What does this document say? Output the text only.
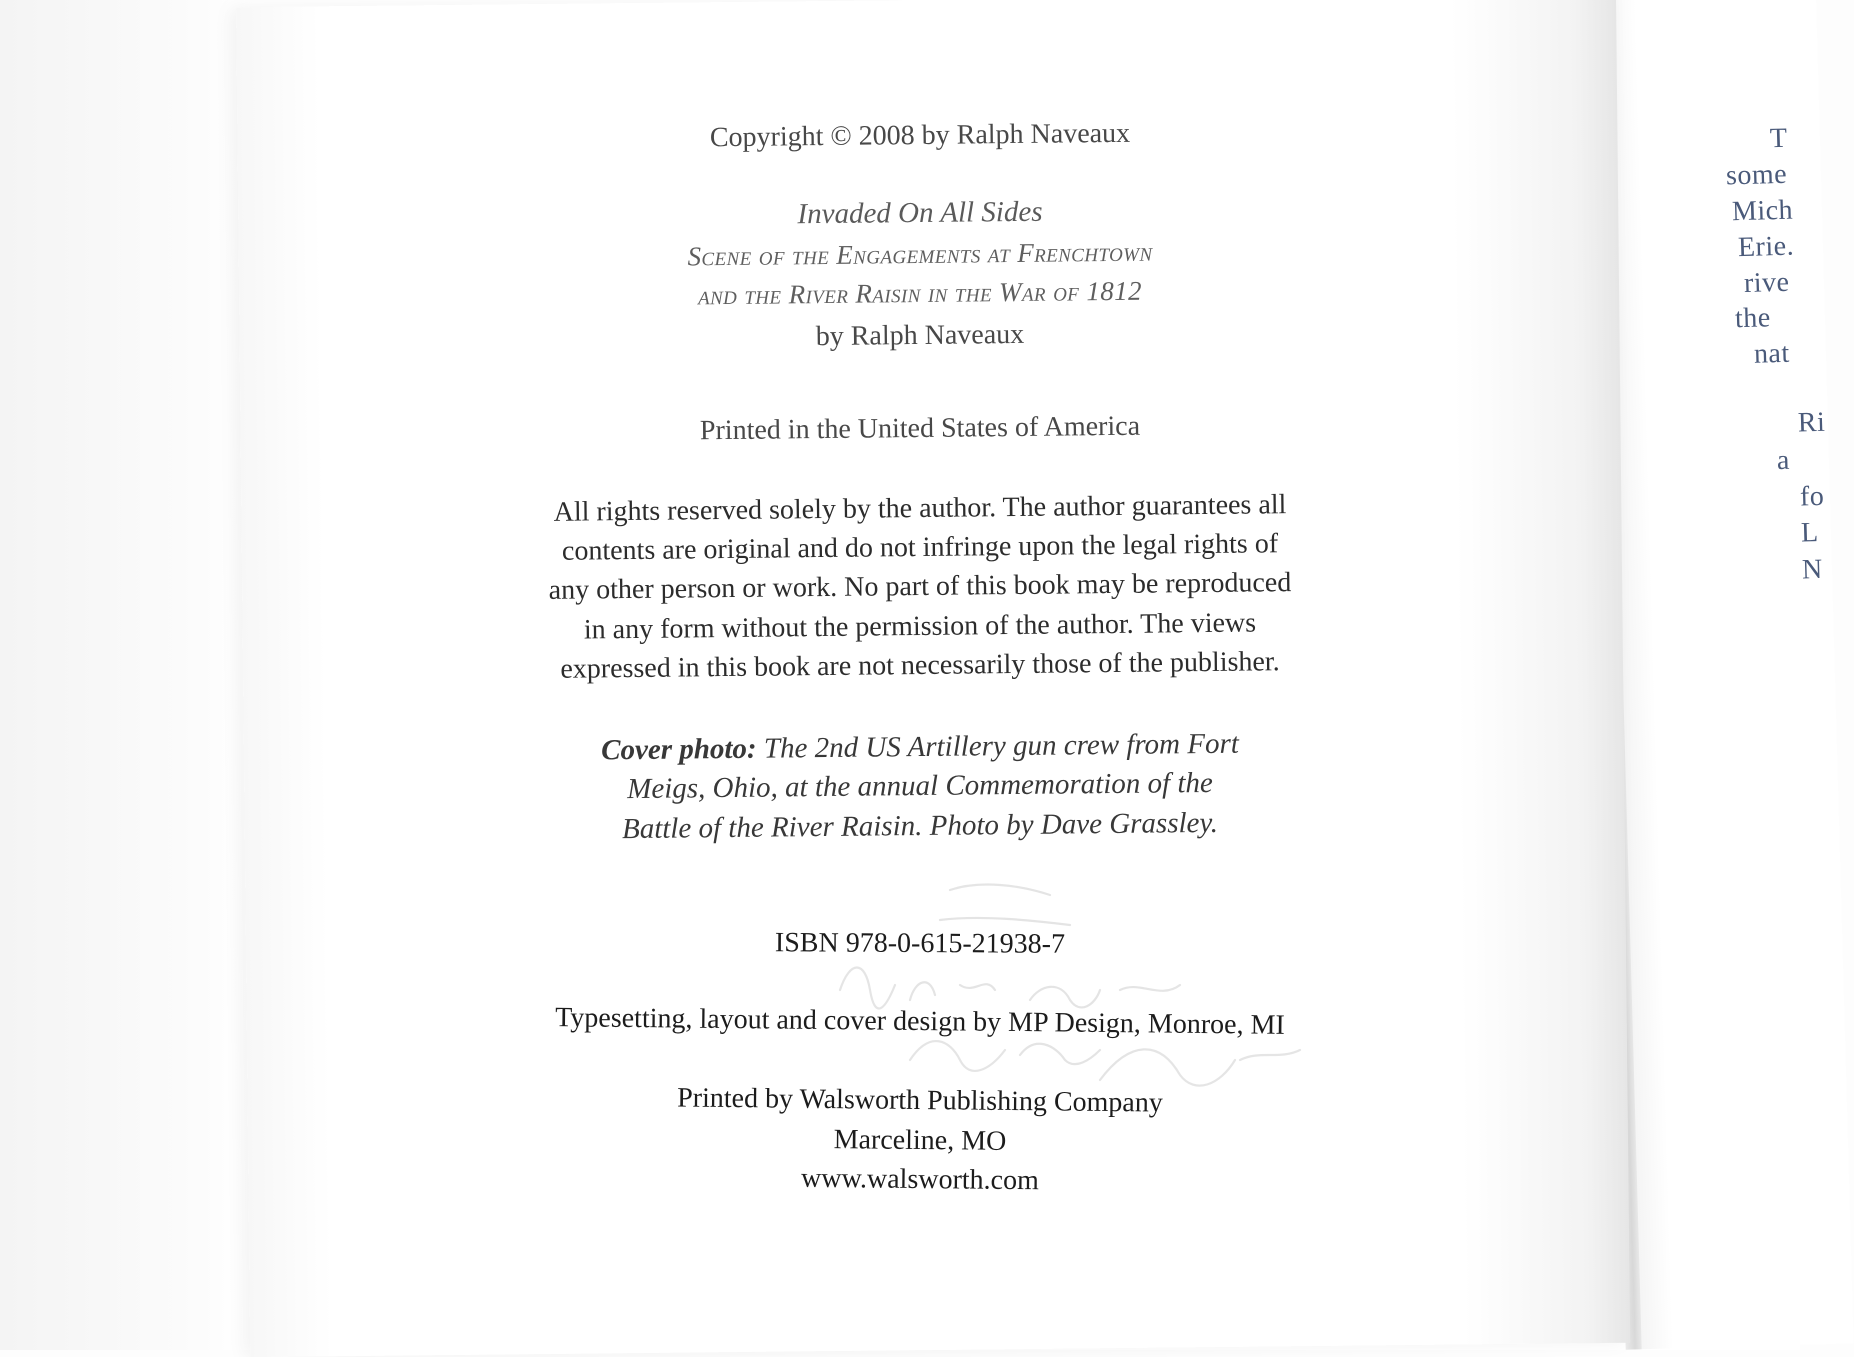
T
some
Mich
Erie.
rive
the
nat
Ri
a
fo
L
N
Copyright © 2008 by Ralph Naveaux
Invaded On All Sides
Scene of the Engagements at Frenchtown
and the River Raisin in the War of 1812
by Ralph Naveaux
Printed in the United States of America
All rights reserved solely by the author. The author guarantees all
contents are original and do not infringe upon the legal rights of
any other person or work. No part of this book may be reproduced
in any form without the permission of the author. The views
expressed in this book are not necessarily those of the publisher.
Cover photo: The 2nd US Artillery gun crew from Fort
Meigs, Ohio, at the annual Commemoration of the
Battle of the River Raisin. Photo by Dave Grassley.
ISBN 978-0-615-21938-7
Typesetting, layout and cover design by MP Design, Monroe, MI
Printed by Walsworth Publishing Company
Marceline, MO
www.walsworth.com
